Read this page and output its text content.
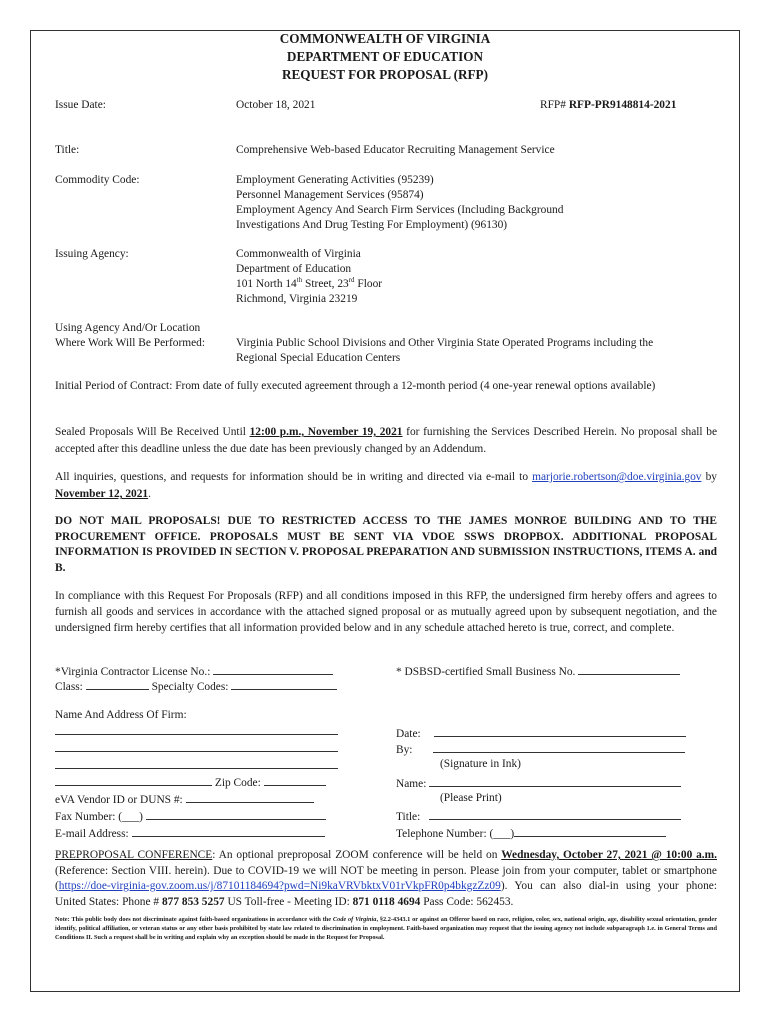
COMMONWEALTH OF VIRGINIA
DEPARTMENT OF EDUCATION
REQUEST FOR PROPOSAL (RFP)
Issue Date:	October 18, 2021	RFP# RFP-PR9148814-2021
Title:	Comprehensive Web-based Educator Recruiting Management Service
Commodity Code:	Employment Generating Activities (95239)
Personnel Management Services (95874)
Employment Agency And Search Firm Services (Including Background
Investigations And Drug Testing For Employment) (96130)
Issuing Agency:	Commonwealth of Virginia
Department of Education
101 North 14th Street, 23rd Floor
Richmond, Virginia 23219
Using Agency And/Or Location
Where Work Will Be Performed:	Virginia Public School Divisions and Other Virginia State Operated Programs including the
Regional Special Education Centers
Initial Period of Contract: From date of fully executed agreement through a 12-month period (4 one-year renewal options available)
Sealed Proposals Will Be Received Until 12:00 p.m., November 19, 2021 for furnishing the Services Described Herein. No proposal shall be accepted after this deadline unless the due date has been previously changed by an Addendum.
All inquiries, questions, and requests for information should be in writing and directed via e-mail to marjorie.robertson@doe.virginia.gov by November 12, 2021.
DO NOT MAIL PROPOSALS! DUE TO RESTRICTED ACCESS TO THE JAMES MONROE BUILDING AND TO THE PROCUREMENT OFFICE. PROPOSALS MUST BE SENT VIA VDOE SSWS DROPBOX. ADDITIONAL PROPOSAL INFORMATION IS PROVIDED IN SECTION V. PROPOSAL PREPARATION AND SUBMISSION INSTRUCTIONS, ITEMS A. and B.
In compliance with this Request For Proposals (RFP) and all conditions imposed in this RFP, the undersigned firm hereby offers and agrees to furnish all goods and services in accordance with the attached signed proposal or as mutually agreed upon by subsequent negotiation, and the undersigned firm hereby certifies that all information provided below and in any schedule attached hereto is true, correct, and complete.
*Virginia Contractor License No.:
Class:	Specialty Codes:
* DSBSD-certified Small Business No.
Name And Address Of Firm:
Zip Code:
eVA Vendor ID or DUNS #:
Fax Number: (___)
E-mail Address:
Date:
By:
(Signature in Ink)
Name:
(Please Print)
Title:
Telephone Number: (___)
PREPROPOSAL CONFERENCE: An optional preproposal ZOOM conference will be held on Wednesday, October 27, 2021 @ 10:00 a.m. (Reference: Section VIII. herein). Due to COVID-19 we will NOT be meeting in person. Please join from your computer, tablet or smartphone (https://doe-virginia-gov.zoom.us/j/87101184694?pwd=Ni9kaVRVbktxV01rVkpFR0p4bkgzZz09). You can also dial-in using your phone: United States: Phone # 877 853 5257 US Toll-free - Meeting ID: 871 0118 4694 Pass Code: 562453.
Note: This public body does not discriminate against faith-based organizations in accordance with the Code of Virginia, §2.2-4343.1 or against an Offeror based on race, religion, color, sex, national origin, age, disability sexual orientation, gender identify, political affiliation, or veteran status or any other basis prohibited by state law related to discrimination in employment. Faith-based organization may request that the issuing agency not include subparagraph 1.e. in General Terms and Conditions II. Such a request shall be in writing and explain why an exception should be made in the Request for Proposal.
